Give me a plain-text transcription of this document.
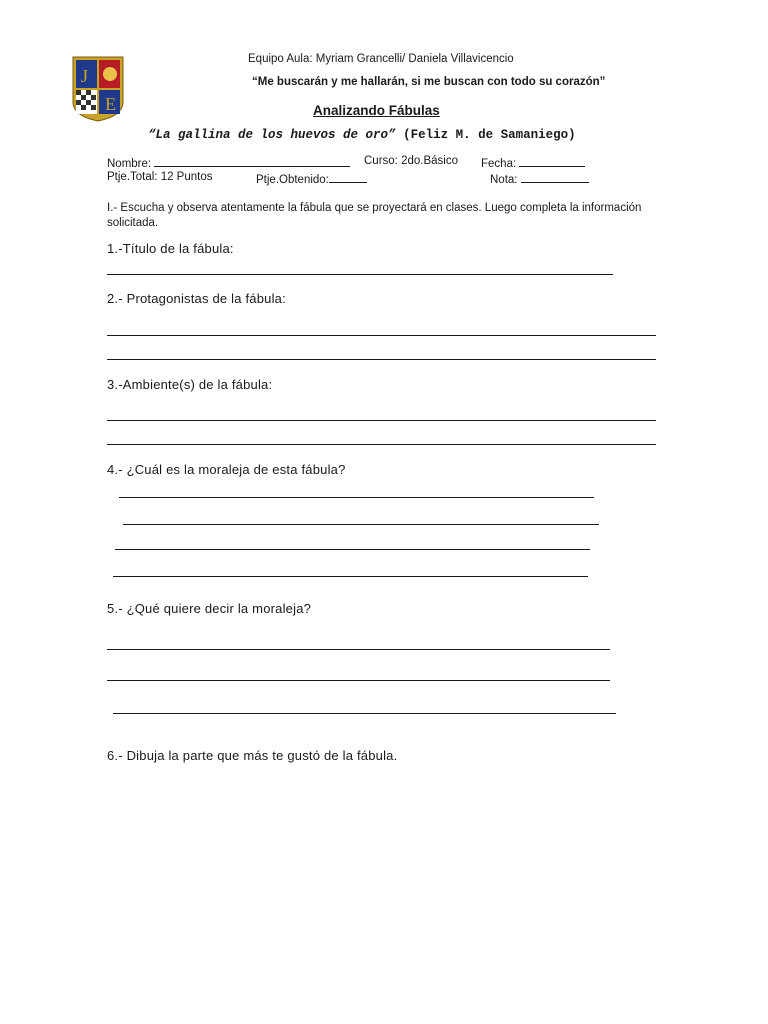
J
E
Equipo Aula: Myriam Grancelli/ Daniela Villavicencio
“Me buscarán y me hallarán, si me buscan con todo su corazón”
Analizando Fábulas
“La gallina de los huevos de oro” (Feliz M. de Samaniego)
Nombre:	Curso: 2do.Básico Fecha:
Ptje.Total: 12 Puntos	Ptje.Obtenido:	Nota:
I.- Escucha y observa atentamente la fábula que se proyectará en clases. Luego completa la información solicitada.
1.-Título de la fábula:
2.- Protagonistas de la fábula:
3.-Ambiente(s) de la fábula:
4.- ¿Cuál es la moraleja de esta fábula?
5.- ¿Qué quiere decir la moraleja?
6.- Dibuja la parte que más te gustó de la fábula.
